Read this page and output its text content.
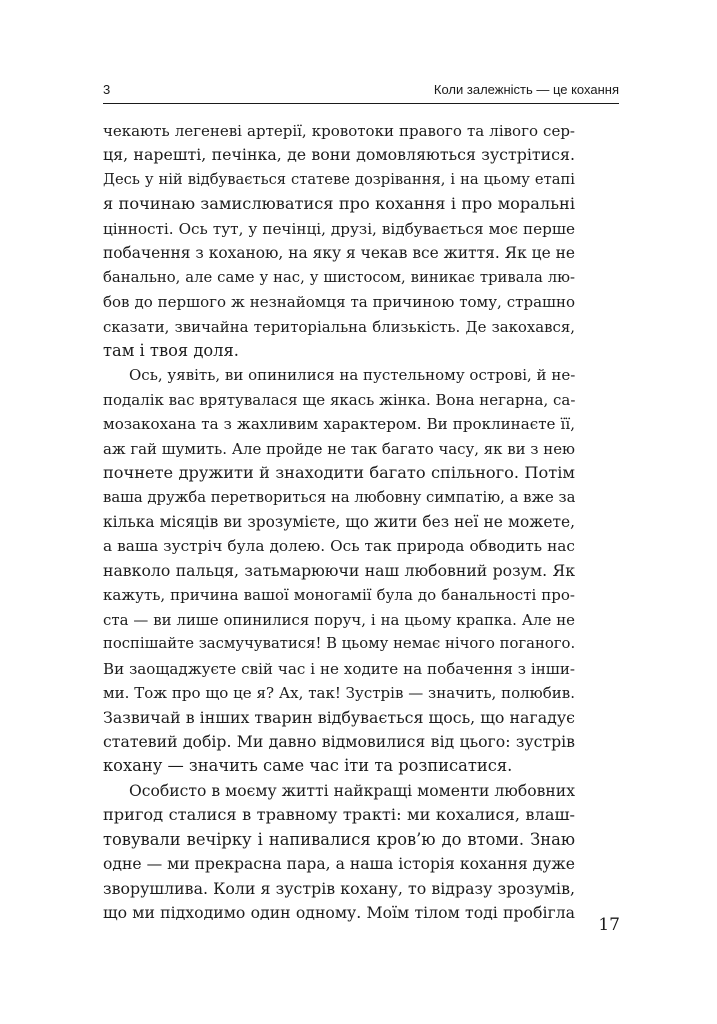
3	Коли залежність — це кохання
чекають легеневі артерії, кровотоки правого та лівого сер-
ця, нарешті, печінка, де вони домовляються зустрітися.
Десь у ній відбувається статеве дозрівання, і на цьому етапі
я починаю замислюватися про кохання і про моральні
цінності. Ось тут, у печінці, друзі, відбувається моє перше
побачення з коханою, на яку я чекав все життя. Як це не
банально, але саме у нас, у шистосом, виникає тривала лю-
бов до першого ж незнайомця та причиною тому, страшно
сказати, звичайна територіальна близькість. Де закохався,
там і твоя доля.
Ось, уявіть, ви опинилися на пустельному острові, й не-
подалік вас врятувалася ще якась жінка. Вона негарна, са-
мозакохана та з жахливим характером. Ви проклинаєте її,
аж гай шумить. Але пройде не так багато часу, як ви з нею
почнете дружити й знаходити багато спільного. Потім
ваша дружба перетвориться на любовну симпатію, а вже за
кілька місяців ви зрозумієте, що жити без неї не можете,
а ваша зустріч була долею. Ось так природа обводить нас
навколо пальця, затьмарюючи наш любовний розум. Як
кажуть, причина вашої моногамії була до банальності про-
ста — ви лише опинилися поруч, і на цьому крапка. Але не
поспішайте засмучуватися! В цьому немає нічого поганого.
Ви заощаджуєте свій час і не ходите на побачення з інши-
ми. Тож про що це я? Ах, так! Зустрів — значить, полюбив.
Зазвичай в інших тварин відбувається щось, що нагадує
статевий добір. Ми давно відмовилися від цього: зустрів
кохану — значить саме час іти та розписатися.
Особисто в моєму житті найкращі моменти любовних
пригод сталися в травному тракті: ми кохалися, влаш-
товували вечірку і напивалися кров’ю до втоми. Знаю
одне — ми прекрасна пара, а наша історія кохання дуже
зворушлива. Коли я зустрів кохану, то відразу зрозумів,
що ми підходимо один одному. Моїм тілом тоді пробігла
17
